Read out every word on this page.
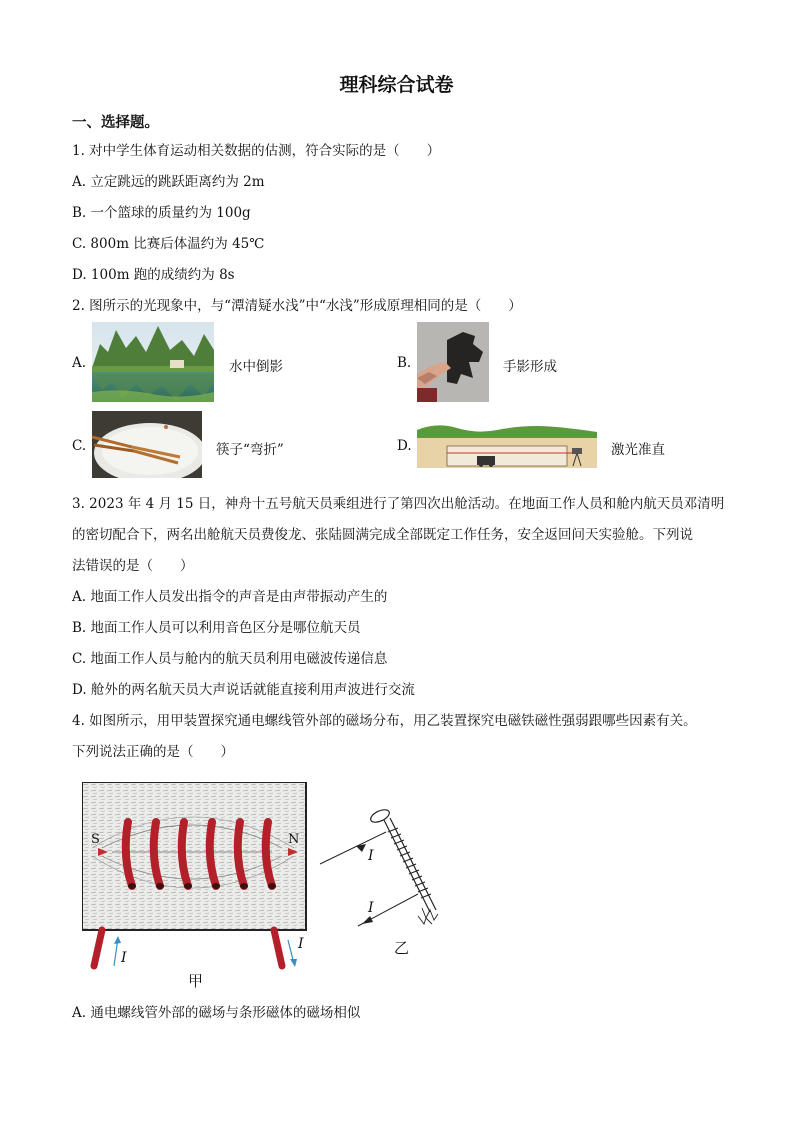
理科综合试卷
一、选择题。
1. 对中学生体育运动相关数据的估测，符合实际的是（　　）
A. 立定跳远的跳跃距离约为 2m
B. 一个篮球的质量约为 100g
C. 800m 比赛后体温约为 45℃
D. 100m 跑的成绩约为 8s
2. 图所示的光现象中，与“潭清疑水浅”中“水浅”形成原理相同的是（　　）
A.	水中倒影	B.	手影形成
C.	筷子“弯折”	D.	激光准直
3. 2023 年 4 月 15 日，神舟十五号航天员乘组进行了第四次出舱活动。在地面工作人员和舱内航天员邓清明
的密切配合下，两名出舱航天员费俊龙、张陆圆满完成全部既定工作任务，安全返回问天实验舱。下列说
法错误的是（　　）
A. 地面工作人员发出指令的声音是由声带振动产生的
B. 地面工作人员可以利用音色区分是哪位航天员
C. 地面工作人员与舱内的航天员利用电磁波传递信息
D. 舱外的两名航天员大声说话就能直接利用声波进行交流
4. 如图所示，用甲装置探究通电螺线管外部的磁场分布，用乙装置探究电磁铁磁性强弱跟哪些因素有关。
下列说法正确的是（　　）
S	N
I
I
甲
I
I
乙
A. 通电螺线管外部的磁场与条形磁体的磁场相似
